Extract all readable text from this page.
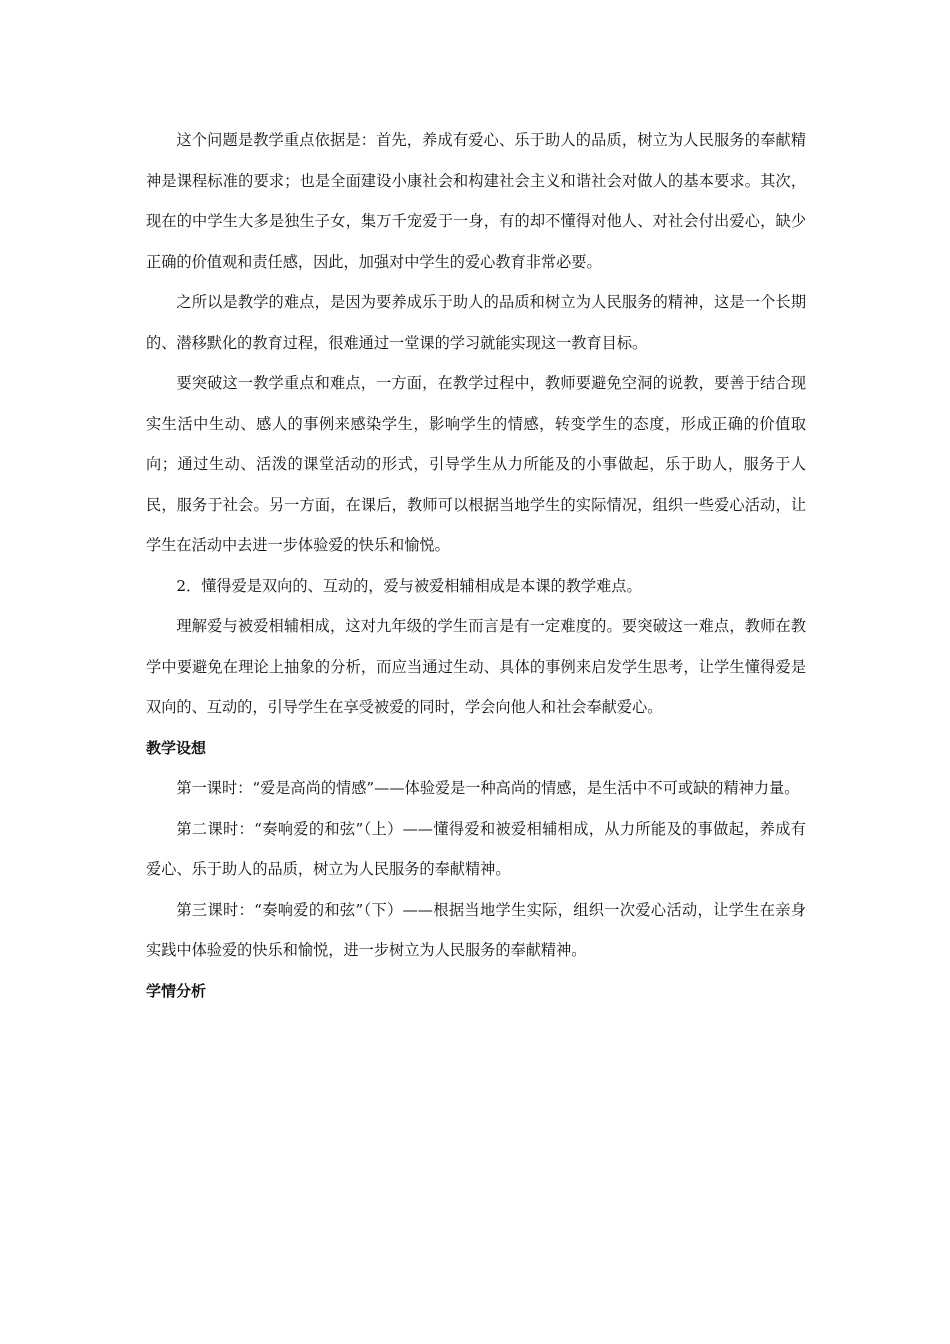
这个问题是教学重点依据是：首先，养成有爱心、乐于助人的品质，树立为人民服务的奉献精神是课程标准的要求；也是全面建设小康社会和构建社会主义和谐社会对做人的基本要求。其次，现在的中学生大多是独生子女，集万千宠爱于一身，有的却不懂得对他人、对社会付出爱心，缺少正确的价值观和责任感，因此，加强对中学生的爱心教育非常必要。

之所以是教学的难点，是因为要养成乐于助人的品质和树立为人民服务的精神，这是一个长期的、潜移默化的教育过程，很难通过一堂课的学习就能实现这一教育目标。

要突破这一教学重点和难点，一方面，在教学过程中，教师要避免空洞的说教，要善于结合现实生活中生动、感人的事例来感染学生，影响学生的情感，转变学生的态度，形成正确的价值取向；通过生动、活泼的课堂活动的形式，引导学生从力所能及的小事做起，乐于助人，服务于人民，服务于社会。另一方面，在课后，教师可以根据当地学生的实际情况，组织一些爱心活动，让学生在活动中去进一步体验爱的快乐和愉悦。

2．懂得爱是双向的、互动的，爱与被爱相辅相成是本课的教学难点。

理解爱与被爱相辅相成，这对九年级的学生而言是有一定难度的。要突破这一难点，教师在教学中要避免在理论上抽象的分析，而应当通过生动、具体的事例来启发学生思考，让学生懂得爱是双向的、互动的，引导学生在享受被爱的同时，学会向他人和社会奉献爱心。

教学设想

第一课时：“爱是高尚的情感”——体验爱是一种高尚的情感，是生活中不可或缺的精神力量。

第二课时：“奏响爱的和弦”（上）——懂得爱和被爱相辅相成，从力所能及的事做起，养成有爱心、乐于助人的品质，树立为人民服务的奉献精神。

第三课时：“奏响爱的和弦”（下）——根据当地学生实际，组织一次爱心活动，让学生在亲身实践中体验爱的快乐和愉悦，进一步树立为人民服务的奉献精神。

学情分析
